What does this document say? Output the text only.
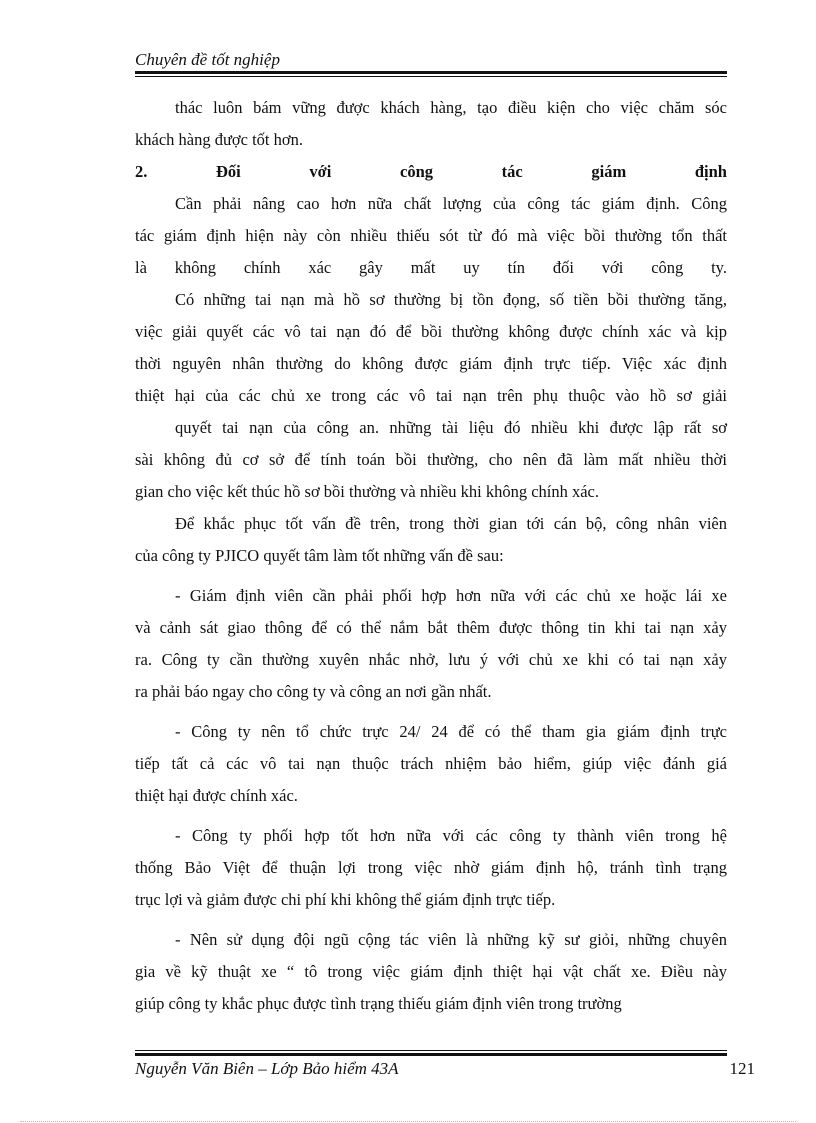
Chuyên đề tốt nghiệp
thác luôn bám vững được khách hàng, tạo điều kiện cho việc chăm sóc
khách hàng được tốt hơn.
2.	Đối	với	công	tác	giám	định
Cần phải nâng cao hơn nữa chất lượng của công tác giám định. Công
tác giám định hiện này còn nhiều thiếu sót từ đó mà việc bồi thường tổn thất
là không chính xác gây mất uy tín đối với công ty.
Có những tai nạn mà hồ sơ thường bị tồn đọng, số tiền bồi thường tăng,
việc giải quyết các vô tai nạn đó để bồi thường không được chính xác và kịp
thời nguyên nhân thường do không được giám định trực tiếp. Việc xác định
thiệt hại của các chủ xe trong các vô tai nạn trên phụ thuộc vào hồ sơ giải
quyết tai nạn của công an. những tài liệu đó nhiều khi được lập rất sơ
sài không đủ cơ sở để tính toán bồi thường, cho nên đã làm mất nhiều thời
gian cho việc kết thúc hồ sơ bồi thường và nhiều khi không chính xác.
Để khắc phục tốt vấn đề trên, trong thời gian tới cán bộ, công nhân viên
của công ty PJICO quyết tâm làm tốt những vấn đề sau:
- Giám định viên cần phải phối hợp hơn nữa với các chủ xe hoặc lái xe
và cảnh sát giao thông để có thể nắm bắt thêm được thông tin khi tai nạn xảy
ra. Công ty cần thường xuyên nhắc nhở, lưu ý với chủ xe khi có tai nạn xảy
ra phải báo ngay cho công ty và công an nơi gần nhất.
- Công ty nên tổ chức trực 24/ 24 để có thể tham gia giám định trực
tiếp tất cả các vô tai nạn thuộc trách nhiệm bảo hiểm, giúp việc đánh giá
thiệt hại được chính xác.
- Công ty phối hợp tốt hơn nữa với các công ty thành viên trong hệ
thống Bảo Việt để thuận lợi trong việc nhờ giám định hộ, tránh tình trạng
trục lợi và giảm được chi phí khi không thể giám định trực tiếp.
- Nên sử dụng đội ngũ cộng tác viên là những kỹ sư giỏi, những chuyên
gia về kỹ thuật xe “ tô trong việc giám định thiệt hại vật chất xe. Điều này
giúp công ty khắc phục được tình trạng thiếu giám định viên trong trường
Nguyễn Văn Biên – Lớp Bảo hiểm 43A	121
